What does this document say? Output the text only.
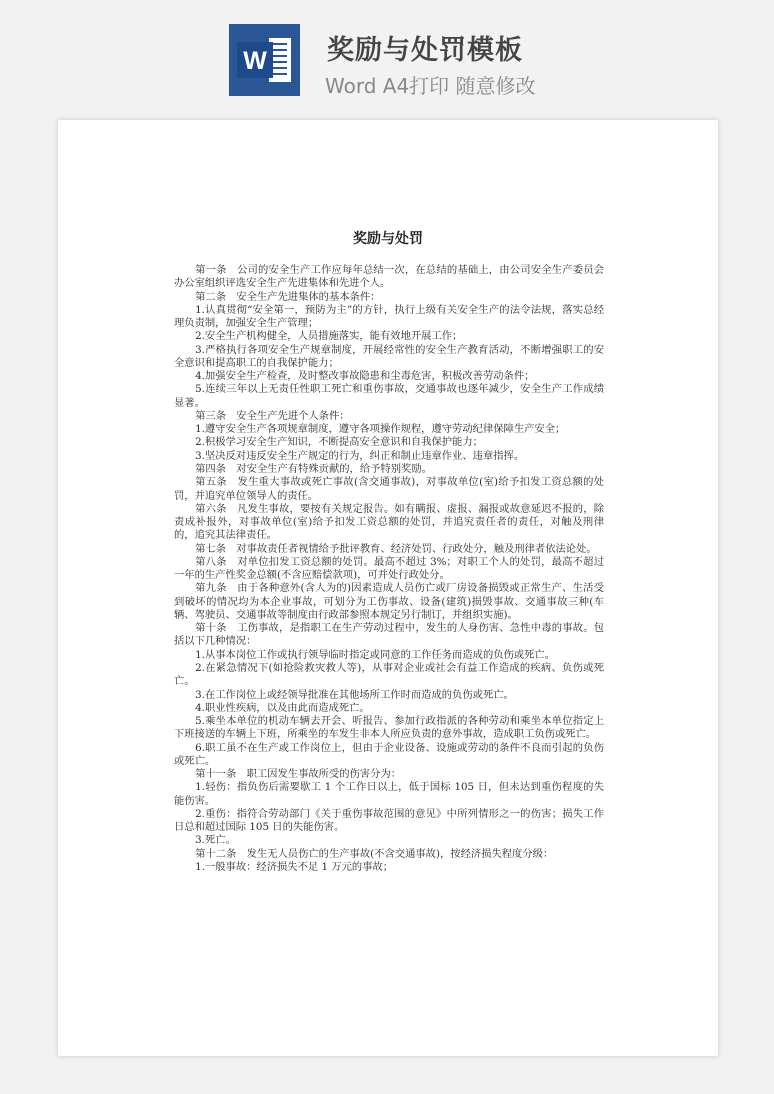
W 奖励与处罚模板
Word A4打印 随意修改
奖励与处罚

第一条　公司的安全生产工作应每年总结一次，在总结的基础上，由公司安全生产委员会办公室组织评选安全生产先进集体和先进个人。

第二条　安全生产先进集体的基本条件：

1.认真贯彻“安全第一，预防为主”的方针，执行上级有关安全生产的法令法规，落实总经理负责制，加强安全生产管理；

2.安全生产机构健全，人员措施落实，能有效地开展工作；

3.严格执行各项安全生产规章制度，开展经常性的安全生产教育活动，不断增强职工的安全意识和提高职工的自我保护能力；

4.加强安全生产检查，及时整改事故隐患和尘毒危害，积极改善劳动条件；

5.连续三年以上无责任性职工死亡和重伤事故，交通事故也逐年减少，安全生产工作成绩显著。

第三条　安全生产先进个人条件：

1.遵守安全生产各项规章制度，遵守各项操作规程，遵守劳动纪律保障生产安全；

2.积极学习安全生产知识，不断提高安全意识和自我保护能力；

3.坚决反对违反安全生产规定的行为，纠正和制止违章作业、违章指挥。

第四条　对安全生产有特殊贡献的，给予特别奖励。

第五条　发生重大事故或死亡事故(含交通事故)，对事故单位(室)给予扣发工资总额的处罚，并追究单位领导人的责任。

第六条　凡发生事故，要按有关规定报告。如有瞒报、虚报、漏报或故意延迟不报的，除责成补报外，对事故单位(室)给予扣发工资总额的处罚，并追究责任者的责任，对触及刑律的，追究其法律责任。

第七条　对事故责任者视情给予批评教育、经济处罚、行政处分，触及刑律者依法论处。

第八条　对单位扣发工资总额的处罚。最高不超过 3%；对职工个人的处罚，最高不超过一年的生产性奖金总额(不含应赔偿款项)，可并处行政处分。

第九条　由于各种意外(含人为的)因素造成人员伤亡或厂房设备损毁或正常生产、生活受到破坏的情况均为本企业事故，可划分为工伤事故、设备(建筑)损毁事故、交通事故三种(车辆、驾驶员、交通事故等制度由行政部参照本规定另行制订，并组织实施)。

第十条　工伤事故，是指职工在生产劳动过程中，发生的人身伤害、急性中毒的事故。包括以下几种情况：

1.从事本岗位工作或执行领导临时指定或同意的工作任务而造成的负伤或死亡。

2.在紧急情况下(如抢险救灾救人等)，从事对企业或社会有益工作造成的疾病、负伤或死亡。

3.在工作岗位上或经领导批准在其他场所工作时而造成的负伤或死亡。

4.职业性疾病，以及由此而造成死亡。

5.乘坐本单位的机动车辆去开会、听报告、参加行政指派的各种劳动和乘坐本单位指定上下班接送的车辆上下班，所乘坐的车发生非本人所应负责的意外事故，造成职工负伤或死亡。

6.职工虽不在生产或工作岗位上，但由于企业设备、设施或劳动的条件不良而引起的负伤或死亡。

第十一条　职工因发生事故所受的伤害分为：

1.轻伤：指负伤后需要歇工 1 个工作日以上，低于国标 105 日，但未达到重伤程度的失能伤害。

2.重伤：指符合劳动部门《关于重伤事故范围的意见》中所列情形之一的伤害；损失工作日总和超过国际 105 日的失能伤害。

3.死亡。

第十二条　发生无人员伤亡的生产事故(不含交通事故)，按经济损失程度分级：

1.一般事故：经济损失不足 1 万元的事故；
